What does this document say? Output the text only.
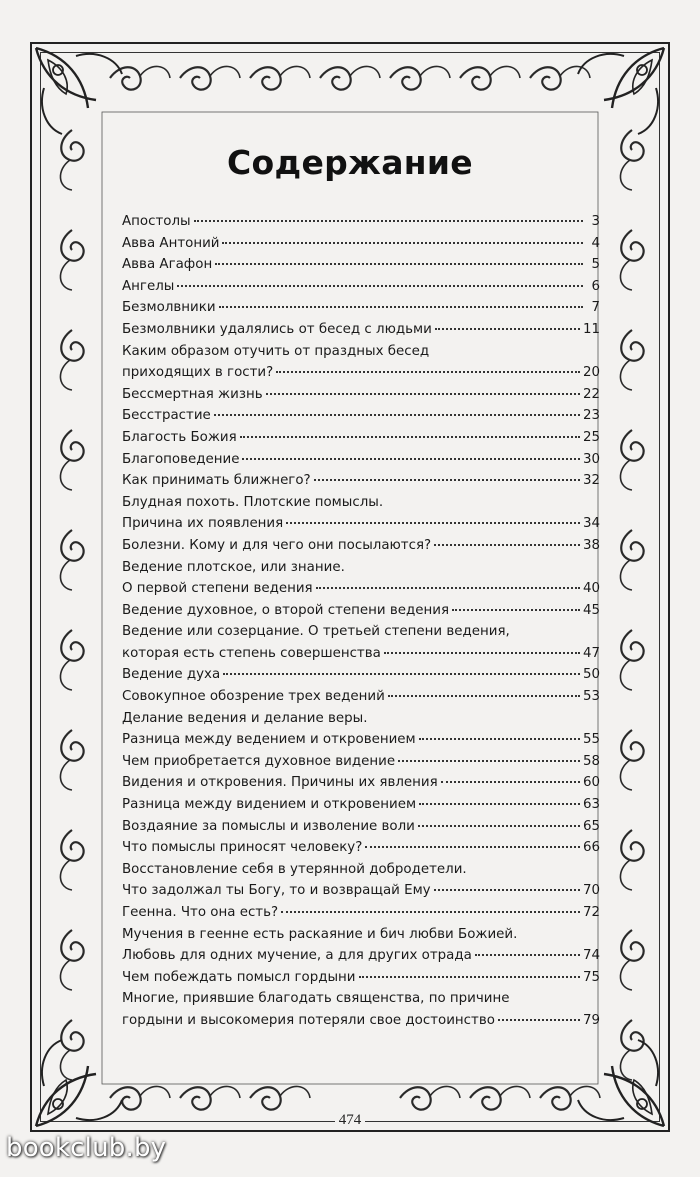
Содержание
Апостолы	3
Авва Антоний	4
Авва Агафон	5
Ангелы	6
Безмолвники	7
Безмолвники удалялись от бесед с людьми	11
Каким образом отучить от праздных бесед
приходящих в гости?	20
Бессмертная жизнь	22
Бесстрастие	23
Благость Божия	25
Благоповедение	30
Как принимать ближнего?	32
Блудная похоть. Плотские помыслы.
Причина их появления	34
Болезни. Кому и для чего они посылаются?	38
Ведение плотское, или знание.
О первой степени ведения	40
Ведение духовное, о второй степени ведения	45
Ведение или созерцание. О третьей степени ведения,
которая есть степень совершенства	47
Ведение духа	50
Совокупное обозрение трех ведений	53
Делание ведения и делание веры.
Разница между ведением и откровением	55
Чем приобретается духовное видение	58
Видения и откровения. Причины их явления	60
Разница между видением и откровением	63
Воздаяние за помыслы и изволение воли	65
Что помыслы приносят человеку?	66
Восстановление себя в утерянной добродетели.
Что задолжал ты Богу, то и возвращай Ему	70
Геенна. Что она есть?	72
Мучения в геенне есть раскаяние и бич любви Божией.
Любовь для одних мучение, а для других отрада	74
Чем побеждать помысл гордыни	75
Многие, приявшие благодать священства, по причине
гордыни и высокомерия потеряли свое достоинство	79
474
bookclub.by
